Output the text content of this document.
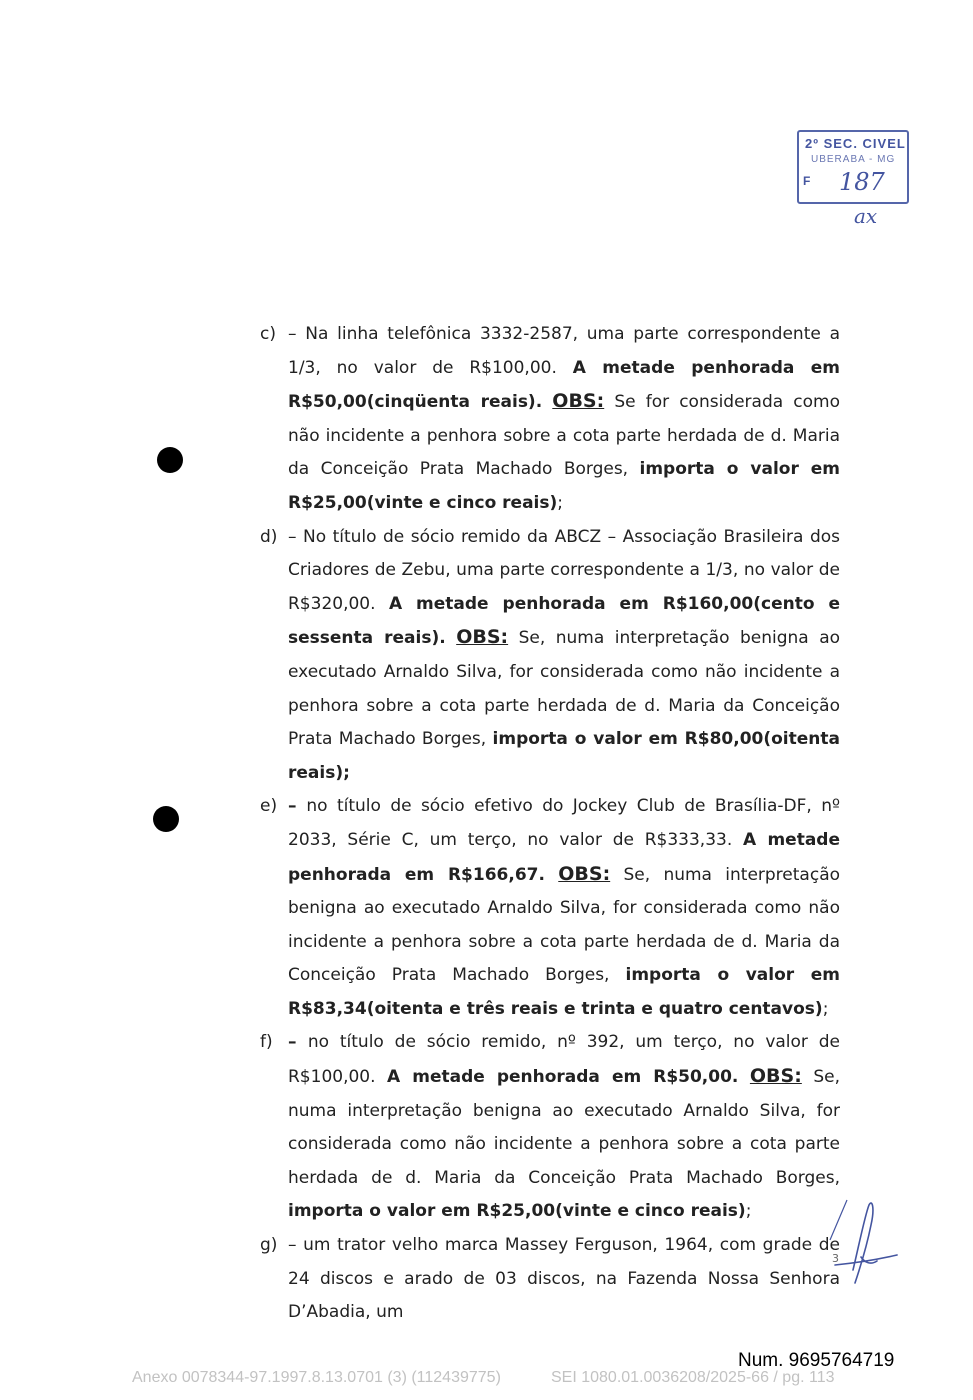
2º SEC. CIVEL
UBERABA - MG
F 187
ax
c) – Na linha telefônica 3332-2587, uma parte correspondente a 1/3, no valor de R$100,00. A metade penhorada em R$50,00(cinqüenta reais). OBS: Se for considerada como não incidente a penhora sobre a cota parte herdada de d. Maria da Conceição Prata Machado Borges, importa o valor em R$25,00(vinte e cinco reais);
d) – No título de sócio remido da ABCZ – Associação Brasileira dos Criadores de Zebu, uma parte correspondente a 1/3, no valor de R$320,00. A metade penhorada em R$160,00(cento e sessenta reais). OBS: Se, numa interpretação benigna ao executado Arnaldo Silva, for considerada como não incidente a penhora sobre a cota parte herdada de d. Maria da Conceição Prata Machado Borges, importa o valor em R$80,00(oitenta reais);
e) – no título de sócio efetivo do Jockey Club de Brasília-DF, nº 2033, Série C, um terço, no valor de R$333,33. A metade penhorada em R$166,67. OBS: Se, numa interpretação benigna ao executado Arnaldo Silva, for considerada como não incidente a penhora sobre a cota parte herdada de d. Maria da Conceição Prata Machado Borges, importa o valor em R$83,34(oitenta e três reais e trinta e quatro centavos);
f) – no título de sócio remido, nº 392, um terço, no valor de R$100,00. A metade penhorada em R$50,00. OBS: Se, numa interpretação benigna ao executado Arnaldo Silva, for considerada como não incidente a penhora sobre a cota parte herdada de d. Maria da Conceição Prata Machado Borges, importa o valor em R$25,00(vinte e cinco reais);
g) – um trator velho marca Massey Ferguson, 1964, com grade de 24 discos e arado de 03 discos, na Fazenda Nossa Senhora D’Abadia, um
3
Num. 9695764719
Anexo 0078344-97.1997.8.13.0701 (3) (112439775)	SEI 1080.01.0036208/2025-66 / pg. 113
